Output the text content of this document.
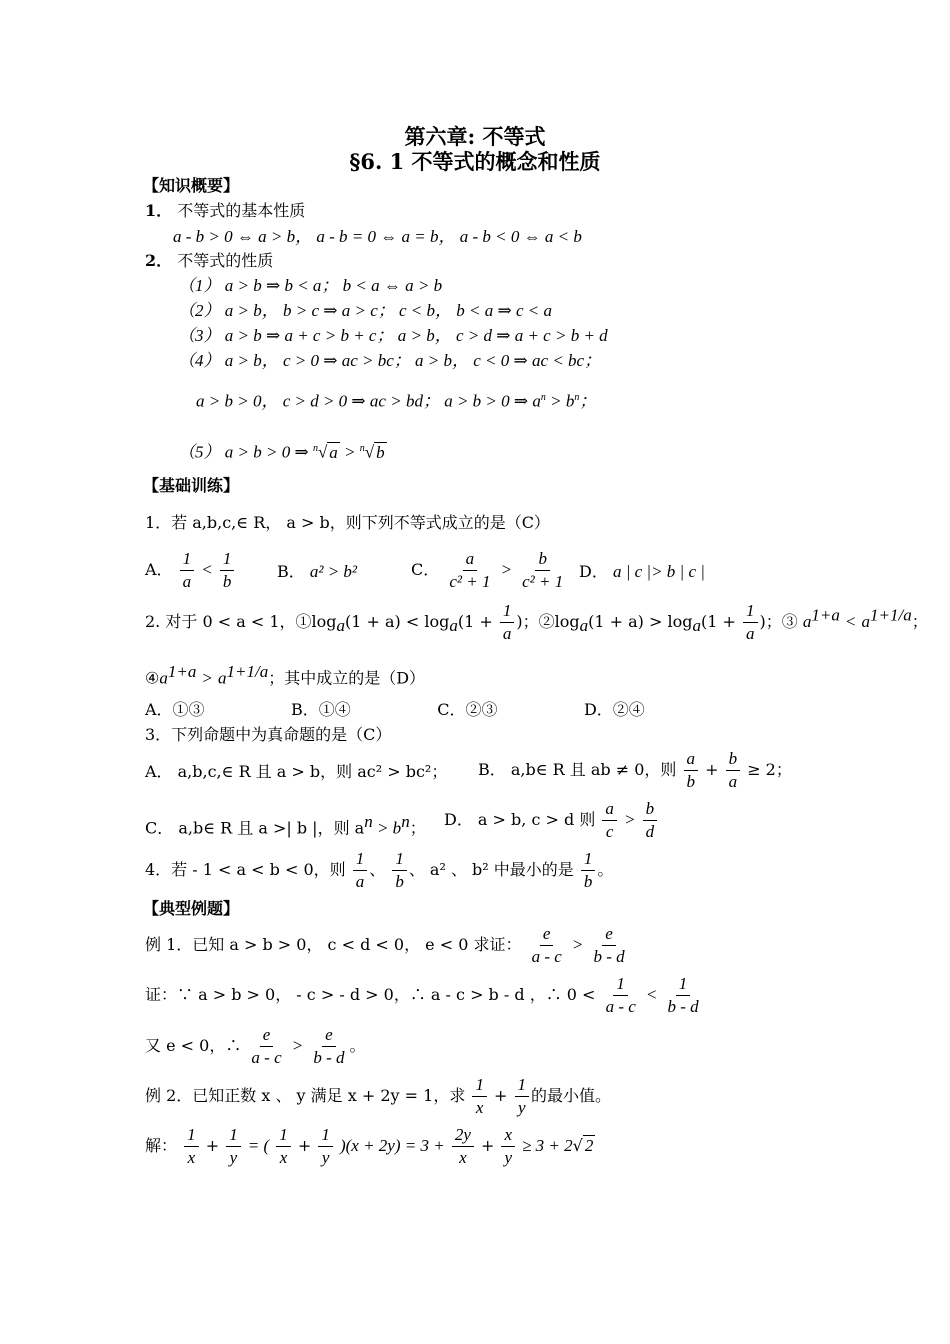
第六章: 不等式
§6. 1 不等式的概念和性质
【知识概要】
1． 不等式的基本性质
a - b > 0 ⇔ a > b， a - b = 0 ⇔ a = b， a - b < 0 ⇔ a < b
2． 不等式的性质
（1） a > b ⇒ b < a； b < a ⇔ a > b
（2） a > b， b > c ⇒ a > c； c < b， b < a ⇒ c < a
（3） a > b ⇒ a + c > b + c； a > b， c > d ⇒ a + c > b + d
（4） a > b， c > 0 ⇒ ac > bc； a > b， c < 0 ⇒ ac < bc；
a > b > 0， c > d > 0 ⇒ ac > bd； a > b > 0 ⇒ $a^n > b^n$；
（5） a > b > 0 ⇒ $^n$√ a > $^n$√ b
【基础训练】
1．若 a,b,c,∈ R， a > b，则下列不等式成立的是（C）
A． $\frac{1}{a} < \frac{1}{b}$	B． a² > b²	C． $\frac{a}{\text{c² + 1}} > \frac{b}{\text{c² + 1}}$ D． a | c |> b | c |
2. 对于 0 < a < 1，$①\log_a(1 + a) < \log_a(1 + \frac{1}{a}$ )；$②\log_a(1 + a) > \log_a(1 + \frac{1}{a}$ )；③ $a^{1+a} < a^{1+1/a}$；
$④a^{1+a} > a^{1+1/a}$；其中成立的是（D）
A．①③                 B．①④                 C．②③                 D．②④
3．下列命题中为真命题的是（C）
A． a,b,c,∈ R 且 a > b，则 ac² > bc²； B． a,b∈ R 且 ab ≠ 0，则 $\frac{a}{b} + \frac{b}{a} \ge 2$；
C． a,b∈ R 且 a >| b |，则 $a^n > b^n$； D． a > b, c > d 则 $\frac{a}{c} > \frac{b}{d}$
4．若 - 1 < a < b < 0，则 $\frac{1}{a}$ 、 $\frac{1}{b}$ 、 a² 、 b² 中最小的是 $\frac{1}{b}$ 。
【典型例题】
例 1．已知 a > b > 0， c < d < 0， e < 0 求证： $\frac{e}{a - c} > \frac{e}{b - d}$
证：∵ a > b > 0， - c > - d > 0，∴ a - c > b - d ，∴ $0 < \frac{1}{a - c} < \frac{1}{b - d}$
又 e < 0，∴ $\frac{e}{a - c} > \frac{e}{b - d}$ 。
例 2．已知正数 x 、 y 满足 x + 2y = 1，求 $\frac{1}{x} + \frac{1}{y}$ 的最小值。
解： $\frac{1}{x} + \frac{1}{y}$ = ( $\frac{1}{x} + \frac{1}{y} )(x + 2y) = 3 + \frac{2y}{x} + \frac{x}{y} \ge 3 + 2√$ 2
